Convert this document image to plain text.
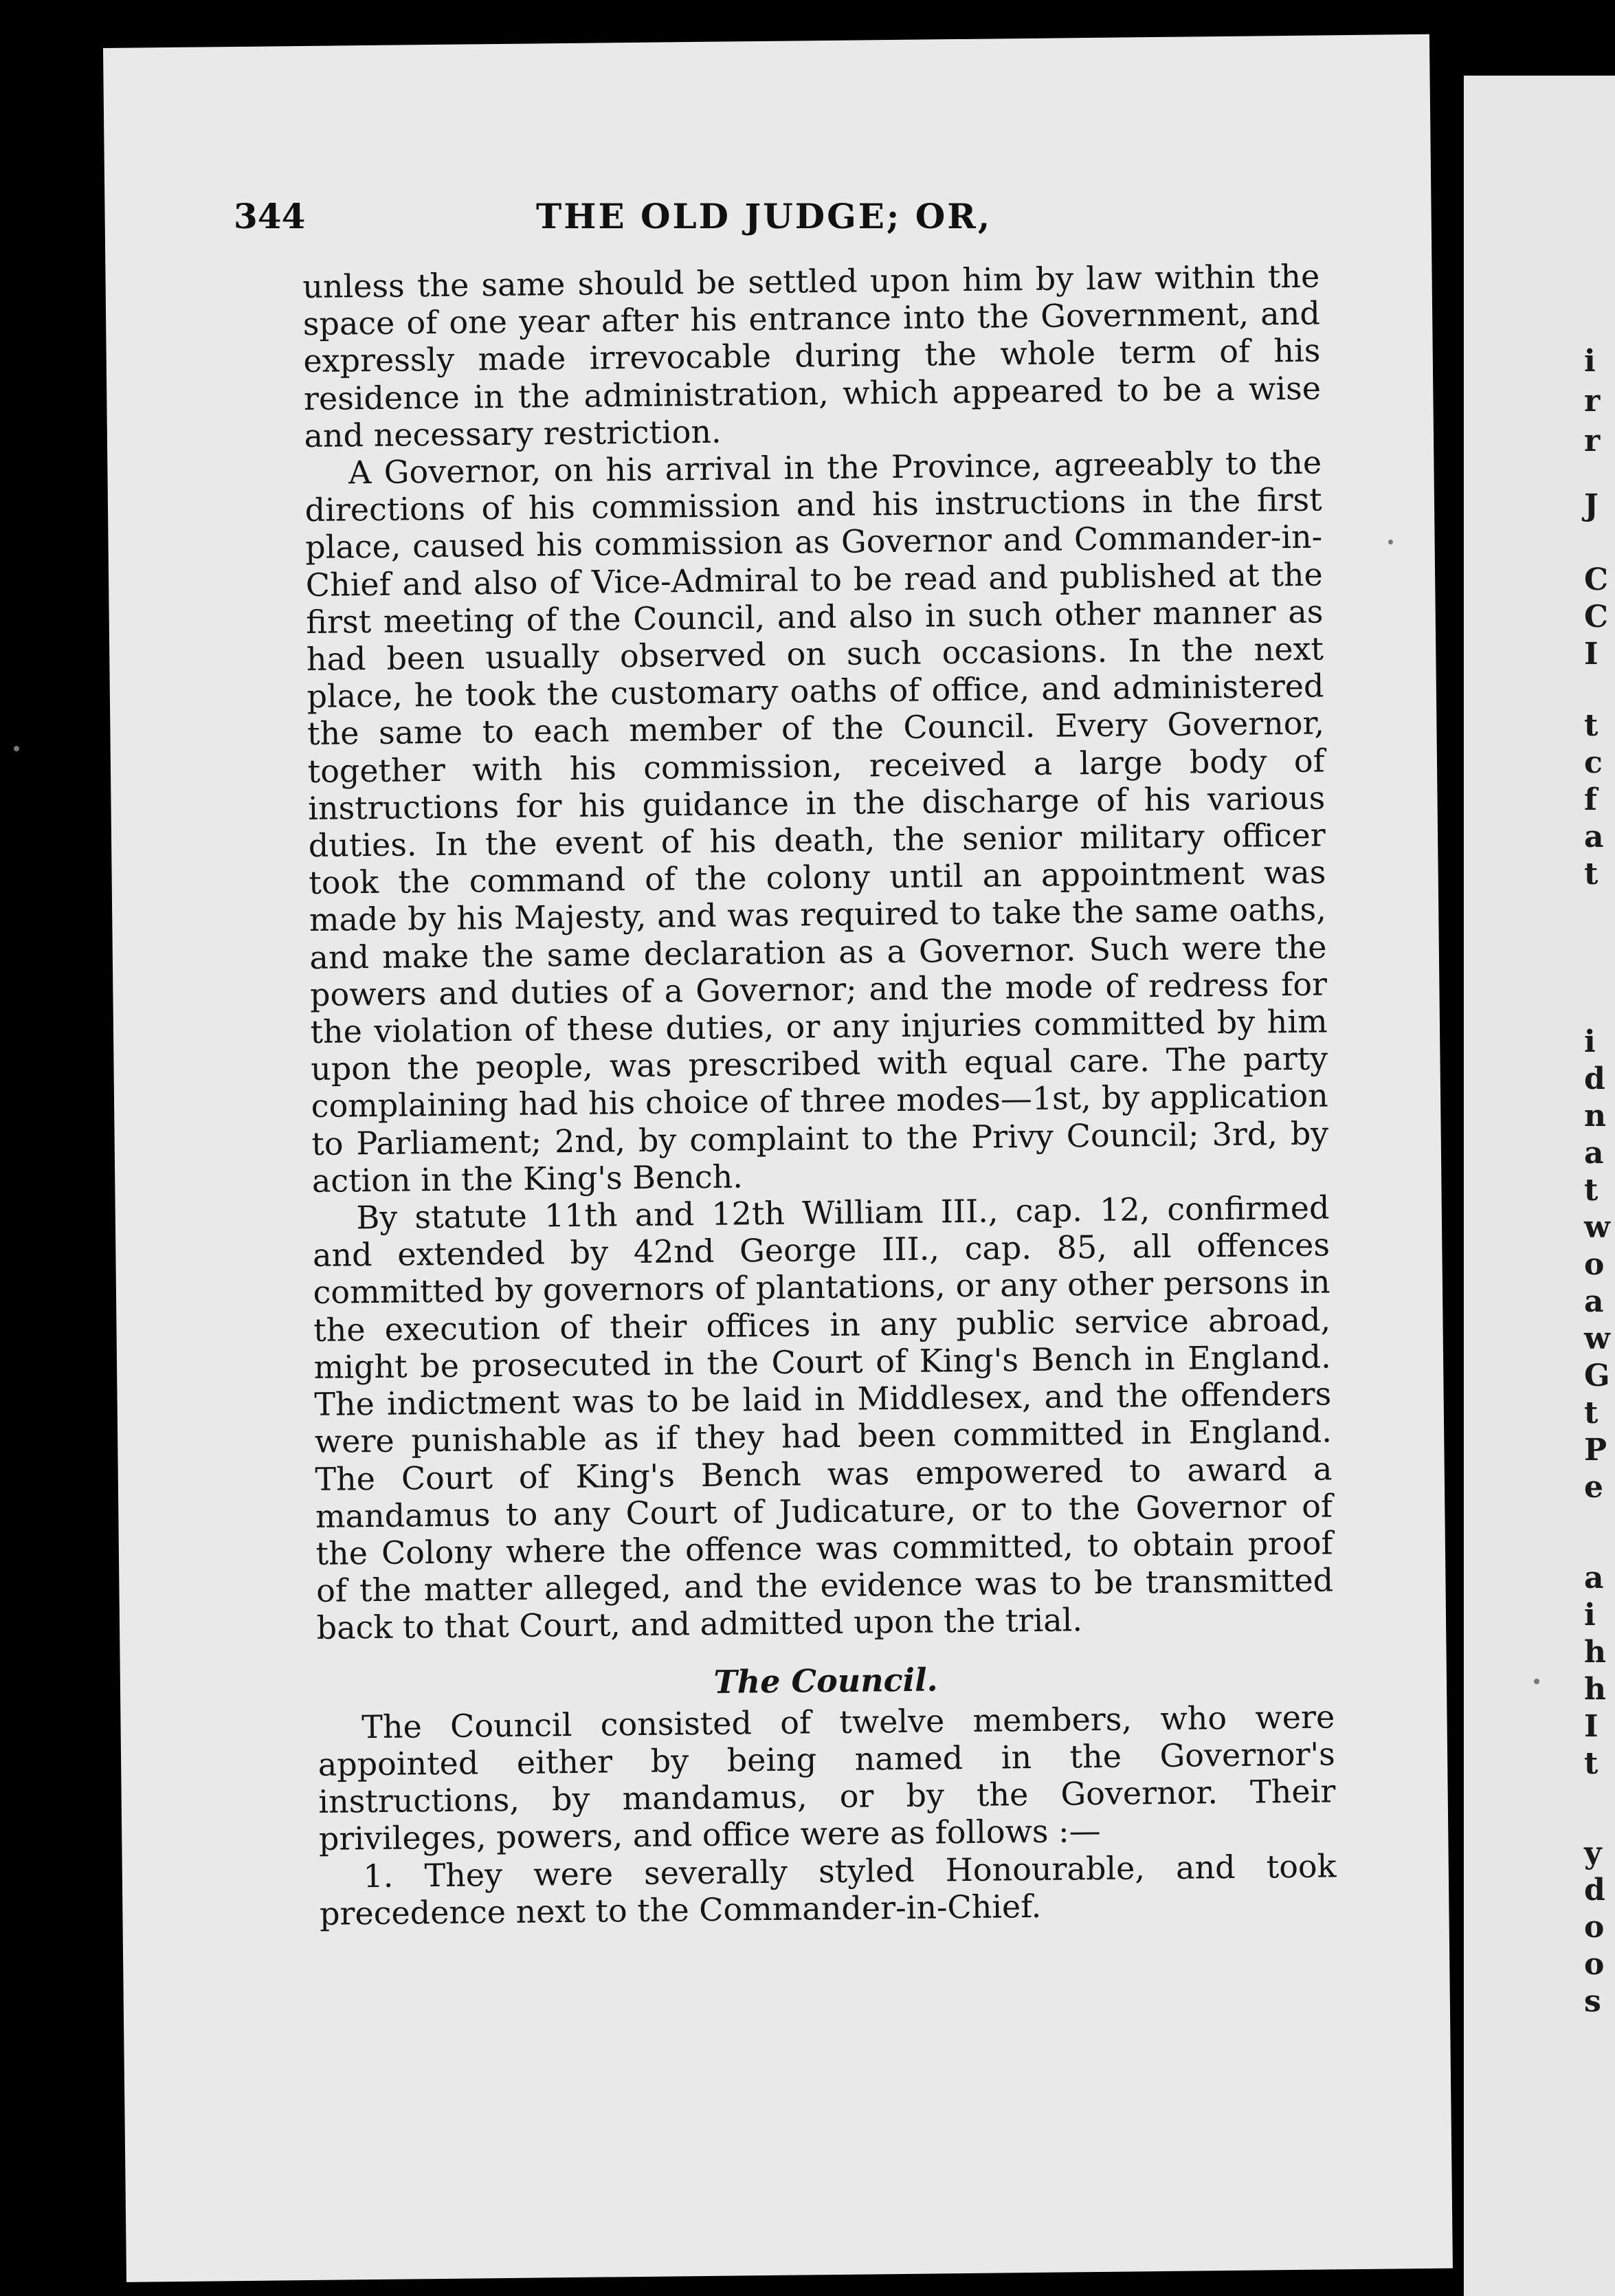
344	THE OLD JUDGE; OR,

unless the same should be settled upon him by law within the space of one year after his entrance into the Government, and expressly made irrevocable during the whole term of his residence in the administration, which appeared to be a wise and necessary restriction.

A Governor, on his arrival in the Province, agreeably to the directions of his commission and his instructions in the first place, caused his commission as Governor and Commander-in-Chief and also of Vice-Admiral to be read and published at the first meeting of the Council, and also in such other manner as had been usually observed on such occasions. In the next place, he took the customary oaths of office, and administered the same to each member of the Council. Every Governor, together with his commission, received a large body of instructions for his guidance in the discharge of his various duties. In the event of his death, the senior military officer took the command of the colony until an appointment was made by his Majesty, and was required to take the same oaths, and make the same declaration as a Governor. Such were the powers and duties of a Governor; and the mode of redress for the violation of these duties, or any injuries committed by him upon the people, was prescribed with equal care. The party complaining had his choice of three modes—1st, by application to Parliament; 2nd, by complaint to the Privy Council; 3rd, by action in the King's Bench.

By statute 11th and 12th William III., cap. 12, confirmed and extended by 42nd George III., cap. 85, all offences committed by governors of plantations, or any other persons in the execution of their offices in any public service abroad, might be prosecuted in the Court of King's Bench in England. The indictment was to be laid in Middlesex, and the offenders were punishable as if they had been committed in England. The Court of King's Bench was empowered to award a mandamus to any Court of Judicature, or to the Governor of the Colony where the offence was committed, to obtain proof of the matter alleged, and the evidence was to be transmitted back to that Court, and admitted upon the trial.

The Council.

The Council consisted of twelve members, who were appointed either by being named in the Governor's instructions, by mandamus, or by the Governor. Their privileges, powers, and office were as follows :—

1. They were severally styled Honourable, and took precedence next to the Commander-in-Chief.

i
r
r
J
C
C
I
t
c
f
a
t
i
d
n
a
t
w
o
a
w
G
t
P
e
a
i
h
h
I
t
y
d
o
o
s
